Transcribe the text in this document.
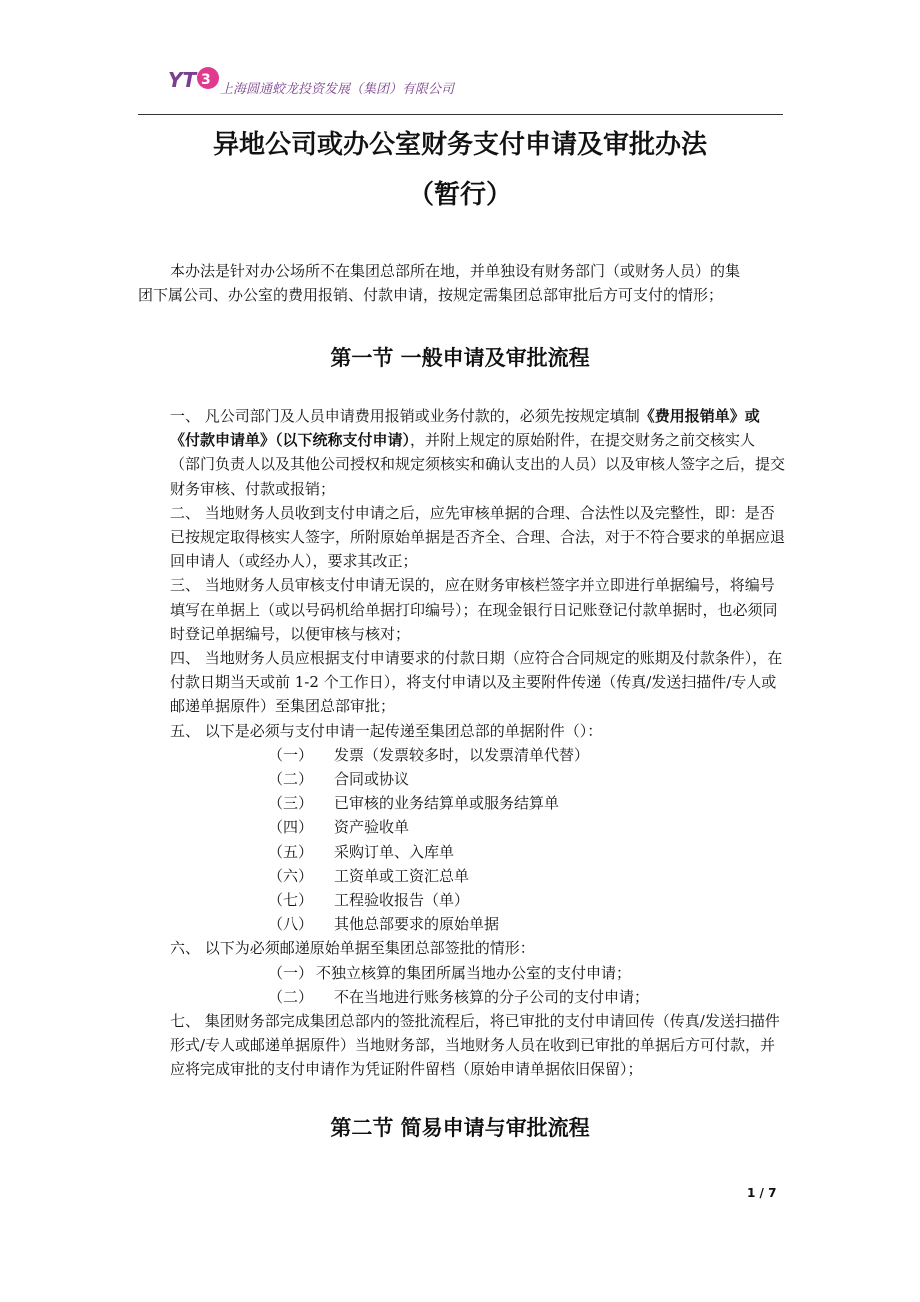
YT 3
上海圆通蛟龙投资发展（集团）有限公司
异地公司或办公室财务支付申请及审批办法
（暂行）
本办法是针对办公场所不在集团总部所在地，并单独设有财务部门（或财务人员）的集
团下属公司、办公室的费用报销、付款申请，按规定需集团总部审批后方可支付的情形；
第一节 一般申请及审批流程

一、 凡公司部门及人员申请费用报销或业务付款的，必须先按规定填制《费用报销单》或《付款申请单》（以下统称支付申请），并附上规定的原始附件，在提交财务之前交核实人（部门负责人以及其他公司授权和规定须核实和确认支出的人员）以及审核人签字之后，提交财务审核、付款或报销；

二、 当地财务人员收到支付申请之后，应先审核单据的合理、合法性以及完整性，即：是否已按规定取得核实人签字，所附原始单据是否齐全、合理、合法，对于不符合要求的单据应退回申请人（或经办人），要求其改正；

三、 当地财务人员审核支付申请无误的，应在财务审核栏签字并立即进行单据编号，将编号填写在单据上（或以号码机给单据打印编号）；在现金银行日记账登记付款单据时，也必须同时登记单据编号，以便审核与核对；

四、 当地财务人员应根据支付申请要求的付款日期（应符合合同规定的账期及付款条件），在付款日期当天或前 1-2 个工作日），将支付申请以及主要附件传递（传真/发送扫描件/专人或邮递单据原件）至集团总部审批；

五、 以下是必须与支付申请一起传递至集团总部的单据附件（）：

（一）	发票（发票较多时，以发票清单代替）
（二）	合同或协议
（三）	已审核的业务结算单或服务结算单
（四）	资产验收单
（五）	采购订单、入库单
（六）	工资单或工资汇总单
（七）	工程验收报告（单）
（八）	其他总部要求的原始单据

六、 以下为必须邮递原始单据至集团总部签批的情形：

（一） 不独立核算的集团所属当地办公室的支付申请；
（二）	不在当地进行账务核算的分子公司的支付申请；

七、 集团财务部完成集团总部内的签批流程后，将已审批的支付申请回传（传真/发送扫描件形式/专人或邮递单据原件）当地财务部，当地财务人员在收到已审批的单据后方可付款，并应将完成审批的支付申请作为凭证附件留档（原始申请单据依旧保留）；

第二节 简易申请与审批流程
1 / 7
